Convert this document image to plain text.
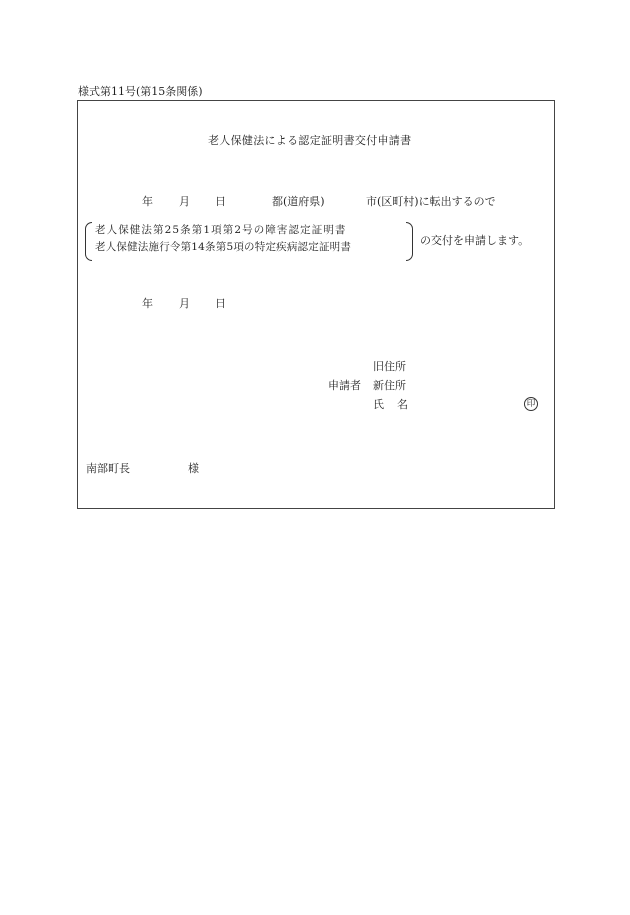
様式第11号(第15条関係)
老人保健法による認定証明書交付申請書
年 月 日	都(道府県)	市(区町村)に転出するので
老人保健法第25条第1項第2号の障害認定証明書
老人保健法施行令第14条第5項の特定疾病認定証明書	の交付を申請します。
年 月 日
旧住所
申請者 新住所
氏名	印
南部町長	様
